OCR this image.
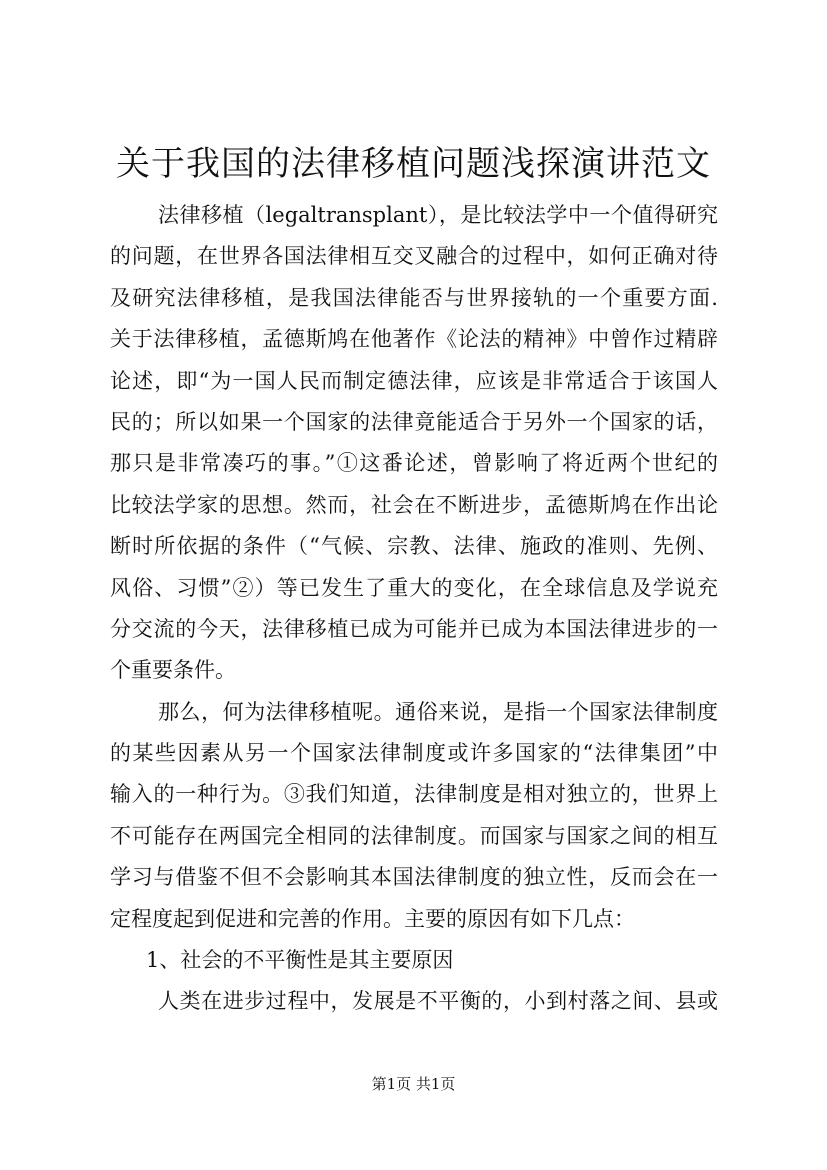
关于我国的法律移植问题浅探演讲范文
法律移植（legaltransplant），是比较法学中一个值得研究
的问题，在世界各国法律相互交叉融合的过程中，如何正确对待
及研究法律移植，是我国法律能否与世界接轨的一个重要方面.
关于法律移植，孟德斯鸠在他著作《论法的精神》中曾作过精辟
论述，即“为一国人民而制定德法律，应该是非常适合于该国人
民的；所以如果一个国家的法律竟能适合于另外一个国家的话，
那只是非常凑巧的事。”①这番论述，曾影响了将近两个世纪的
比较法学家的思想。然而，社会在不断进步，孟德斯鸠在作出论
断时所依据的条件（“气候、宗教、法律、施政的准则、先例、
风俗、习惯”②）等已发生了重大的变化，在全球信息及学说充
分交流的今天，法律移植已成为可能并已成为本国法律进步的一
个重要条件。
那么，何为法律移植呢。通俗来说，是指一个国家法律制度
的某些因素从另一个国家法律制度或许多国家的“法律集团”中
输入的一种行为。③我们知道，法律制度是相对独立的，世界上
不可能存在两国完全相同的法律制度。而国家与国家之间的相互
学习与借鉴不但不会影响其本国法律制度的独立性，反而会在一
定程度起到促进和完善的作用。主要的原因有如下几点：
1、社会的不平衡性是其主要原因
人类在进步过程中，发展是不平衡的，小到村落之间、县或
第1页 共1页
